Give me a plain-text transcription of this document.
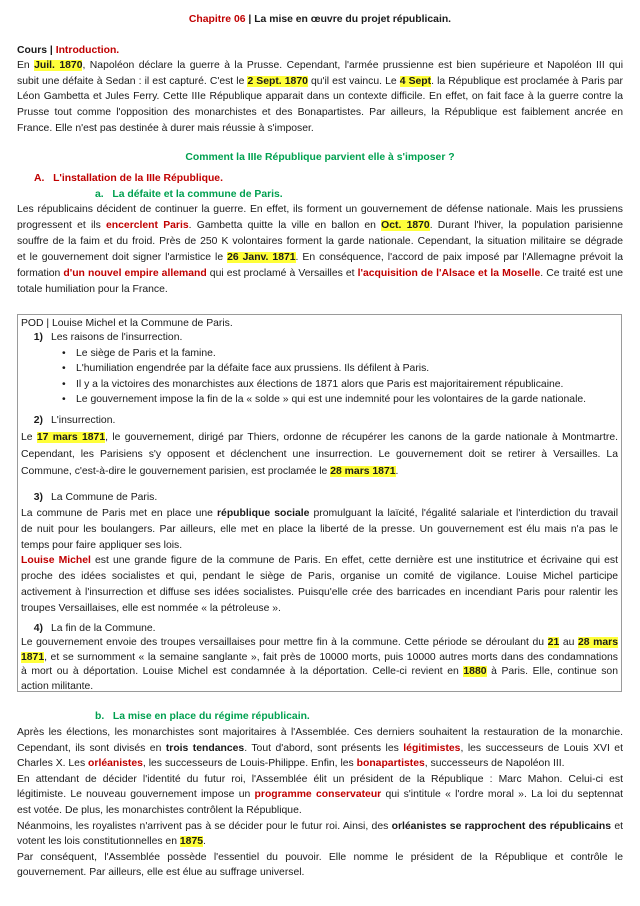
Chapitre 06 | La mise en œuvre du projet républicain.
Cours | Introduction.
En Juil. 1870, Napoléon déclare la guerre à la Prusse. Cependant, l'armée prussienne est bien supérieure et Napoléon III qui
subit une défaite à Sedan : il est capturé. C'est le 2 Sept. 1870 qu'il est vaincu. Le 4 Sept. la République est proclamée à Paris par
Léon Gambetta et Jules Ferry. Cette IIIe République apparait dans un contexte difficile. En effet, on fait face à la guerre contre la
Prusse tout comme l'opposition des monarchistes et des Bonapartistes. Par ailleurs, la République est faiblement ancrée en
France. Elle n'est pas destinée à durer mais réussie à s'imposer.
Comment la IIIe République parvient elle à s'imposer ?
A. L'installation de la IIIe République.
a. La défaite et la commune de Paris.
Les républicains décident de continuer la guerre. En effet, ils forment un gouvernement de défense nationale. Mais les prussiens
progressent et ils encerclent Paris. Gambetta quitte la ville en ballon en Oct. 1870. Durant l'hiver, la population parisienne
souffre de la faim et du froid. Près de 250 K volontaires forment la garde nationale. Cependant, la situation militaire se dégrade
et le gouvernement doit signer l'armistice le 26 Janv. 1871. En conséquence, l'accord de paix imposé par l'Allemagne prévoit la
formation d'un nouvel empire allemand qui est proclamé à Versailles et l'acquisition de l'Alsace et la Moselle. Ce traité est une
totale humiliation pour la France.
POD | Louise Michel et la Commune de Paris.
1) Les raisons de l'insurrection.
• Le siège de Paris et la famine.
• L'humiliation engendrée par la défaite face aux prussiens. Ils défilent à Paris.
• Il y a la victoires des monarchistes aux élections de 1871 alors que Paris est majoritairement républicaine.
• Le gouvernement impose la fin de la « solde » qui est une indemnité pour les volontaires de la garde nationale.
2) L'insurrection.
Le 17 mars 1871, le gouvernement, dirigé par Thiers, ordonne de récupérer les canons de la garde nationale à Montmartre.
Cependant, les Parisiens s'y opposent et déclenchent une insurrection. Le gouvernement doit se retirer à Versailles. La
Commune, c'est-à-dire le gouvernement parisien, est proclamée le 28 mars 1871.
3) La Commune de Paris.
La commune de Paris met en place une république sociale promulguant la laïcité, l'égalité salariale et l'interdiction du travail
de nuit pour les boulangers. Par ailleurs, elle met en place la liberté de la presse. Un gouvernement est élu mais n'a pas le
temps pour faire appliquer ses lois.
Louise Michel est une grande figure de la commune de Paris. En effet, cette dernière est une institutrice et écrivaine qui est
proche des idées socialistes et qui, pendant le siège de Paris, organise un comité de vigilance. Louise Michel participe
activement à l'insurrection et diffuse ses idées socialistes. Puisqu'elle crée des barricades en incendiant Paris pour ralentir les
troupes Versaillaises, elle est nommée « la pétroleuse ».
4) La fin de la Commune.
Le gouvernement envoie des troupes versaillaises pour mettre fin à la commune. Cette période se déroulant du 21 au 28 mars
1871, et se surnomment « la semaine sanglante », fait près de 10000 morts, puis 10000 autres morts dans des condamnations
à mort ou à déportation. Louise Michel est condamnée à la déportation. Celle-ci revient en 1880 à Paris. Elle, continue son
action militante.
b. La mise en place du régime républicain.
Après les élections, les monarchistes sont majoritaires à l'Assemblée. Ces derniers souhaitent la restauration de la monarchie.
Cependant, ils sont divisés en trois tendances. Tout d'abord, sont présents les légitimistes, les successeurs de Louis XVI et
Charles X. Les orléanistes, les successeurs de Louis-Philippe. Enfin, les bonapartistes, successeurs de Napoléon III.
En attendant de décider l'identité du futur roi, l'Assemblée élit un président de la République : Marc Mahon. Celui-ci est
légitimiste. Le nouveau gouvernement impose un programme conservateur qui s'intitule « l'ordre moral ». La loi du septennat
est votée. De plus, les monarchistes contrôlent la République.
Néanmoins, les royalistes n'arrivent pas à se décider pour le futur roi. Ainsi, des orléanistes se rapprochent des républicains et
votent les lois constitutionnelles en 1875.
Par conséquent, l'Assemblée possède l'essentiel du pouvoir. Elle nomme le président de la République et contrôle le
gouvernement. Par ailleurs, elle est élue au suffrage universel.
